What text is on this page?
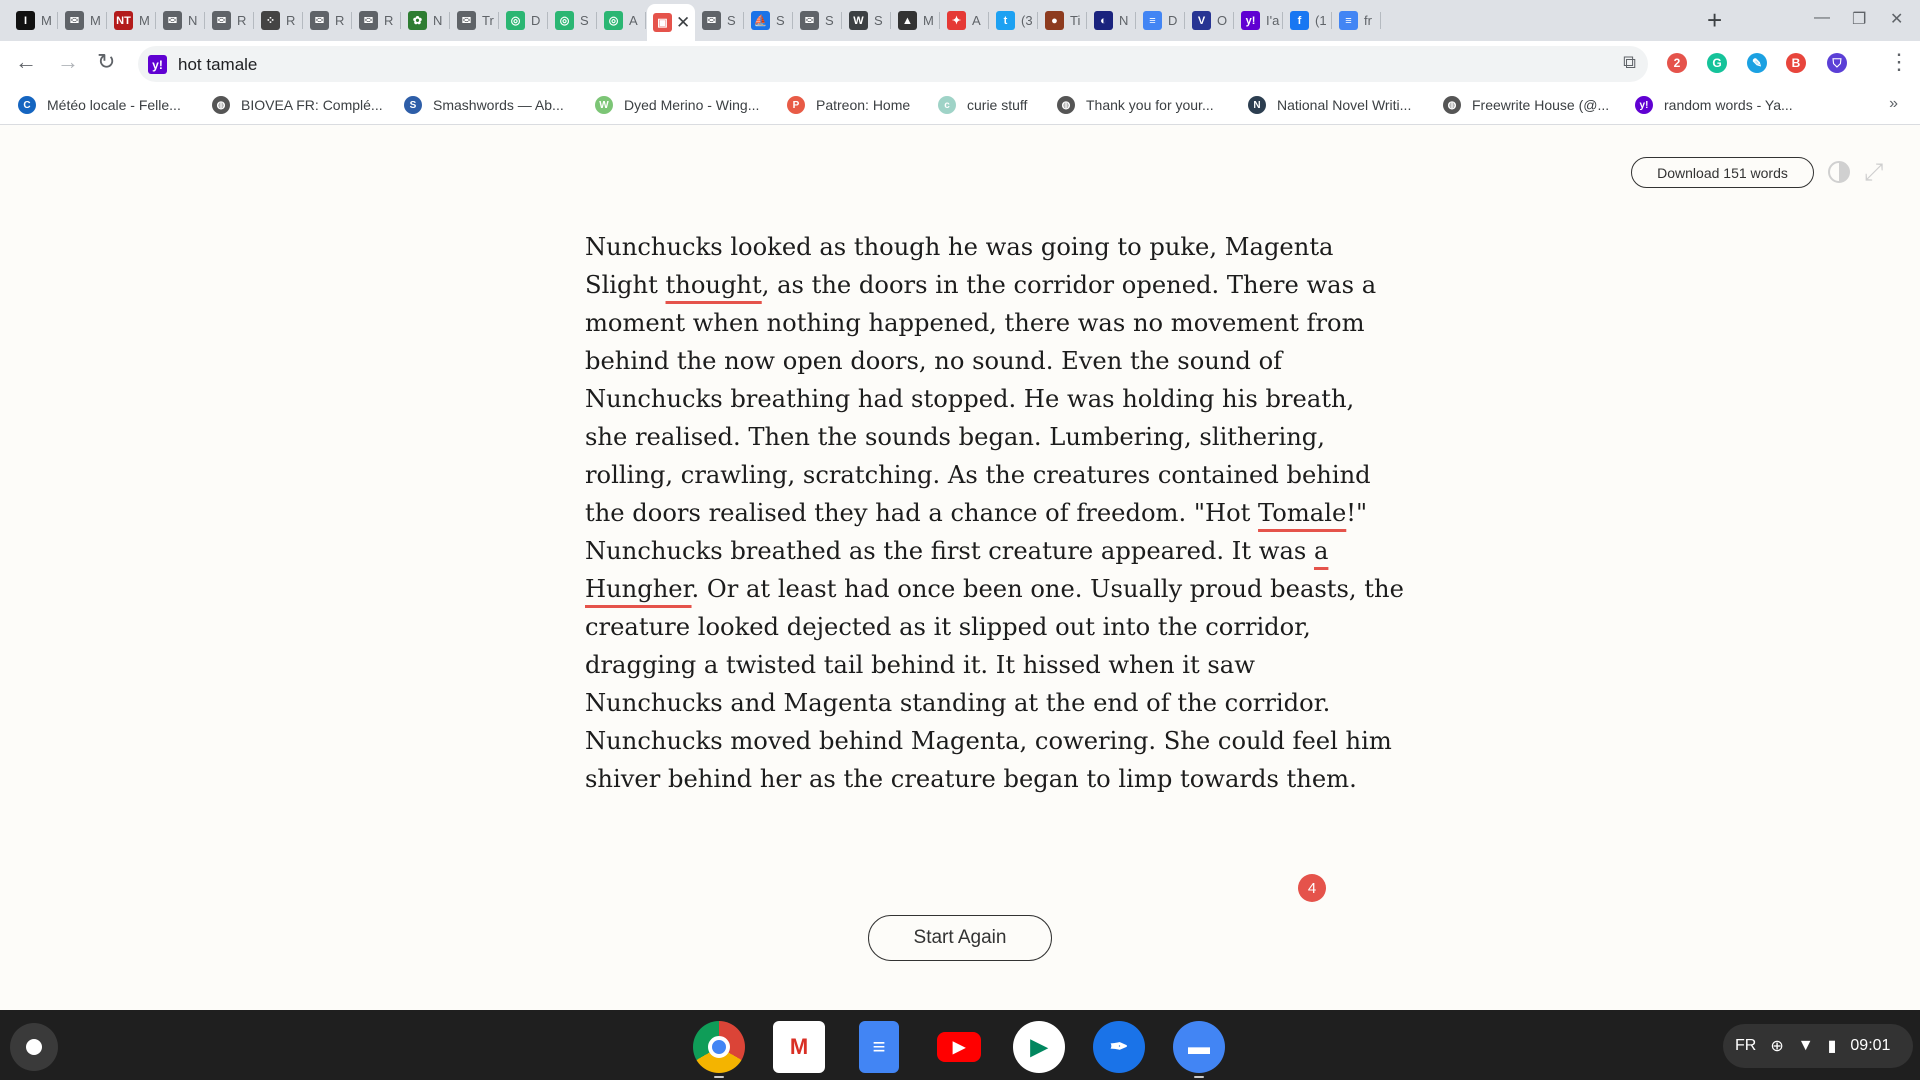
+	— ❐ ✕
I	M	✉ M NT M	✉ N	✉ R	⁘ R	✉ R	✉ R	✿ N	✉ Tr	◎ D	◎ S	◎ A	▣ ✕	✉ S	⛵ S	✉ S	W S	▲ M	✦ A	t	(3	● Ti	◐ N	≡ D	V O	y! I'a	f	(1	≡ fr
← → ↻	y! hot tamale	⧉	2	G	✎	B	⛉ ⋮
»
C	Météo locale - Felle...	◍	BIOVEA FR: Complé...	S	Smashwords — Ab...	W	Dyed Merino - Wing...	P	Patreon: Home	c	curie stuff	◍	Thank you for your...	N	National Novel Writi...	◍	Freewrite House (@...	y!	random words - Ya...
Download 151 words	⤢
Nunchucks looked as though he was going to puke, Magenta
Slight thought, as the doors in the corridor opened. There was a
moment when nothing happened, there was no movement from
behind the now open doors, no sound. Even the sound of
Nunchucks breathing had stopped. He was holding his breath,
she realised. Then the sounds began. Lumbering, slithering,
rolling, crawling, scratching. As the creatures contained behind
the doors realised they had a chance of freedom. "Hot Tomale!"
Nunchucks breathed as the first creature appeared. It was a
Hungher. Or at least had once been one. Usually proud beasts, the
creature looked dejected as it slipped out into the corridor,
dragging a twisted tail behind it. It hissed when it saw
Nunchucks and Magenta standing at the end of the corridor.
Nunchucks moved behind Magenta, cowering. She could feel him
shiver behind her as the creature began to limp towards them.
4
Start Again
FR ⊕ ▼ ▮ 09:01
M	≡	▶	▶	✒	▬
